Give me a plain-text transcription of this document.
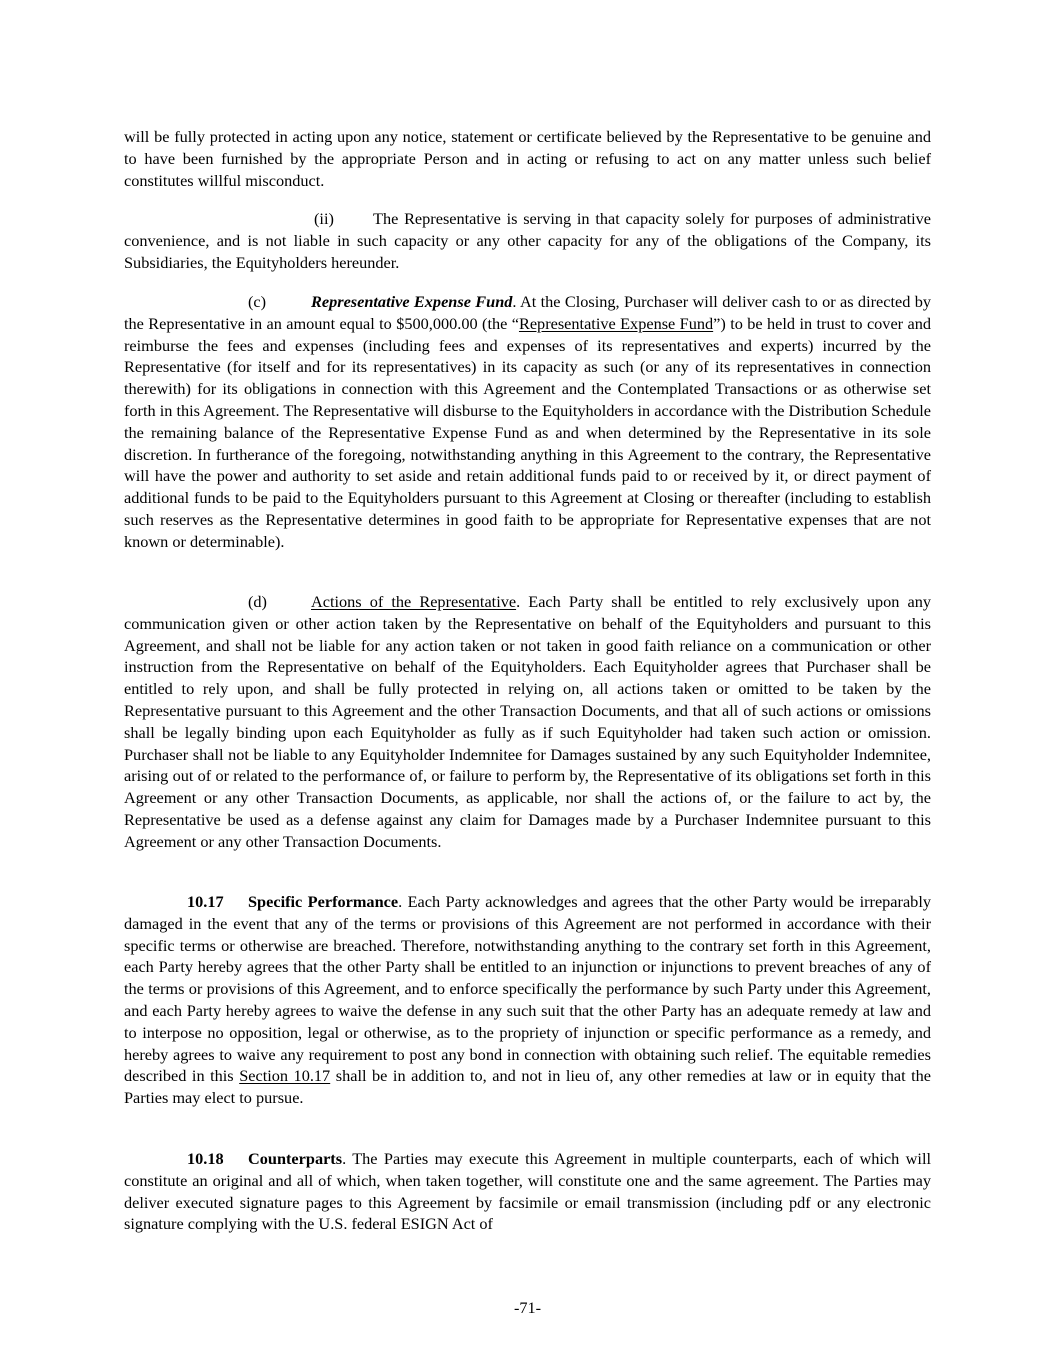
will be fully protected in acting upon any notice, statement or certificate believed by the Representative to be genuine and to have been furnished by the appropriate Person and in acting or refusing to act on any matter unless such belief constitutes willful misconduct.

(ii) The Representative is serving in that capacity solely for purposes of administrative convenience, and is not liable in such capacity or any other capacity for any of the obligations of the Company, its Subsidiaries, the Equityholders hereunder.

(c)	Representative Expense Fund. At the Closing, Purchaser will deliver cash to or as directed by the Representative in an amount equal to $500,000.00 (the “Representative Expense Fund”) to be held in trust to cover and reimburse the fees and expenses (including fees and expenses of its representatives and experts) incurred by the Representative (for itself and for its representatives) in its capacity as such (or any of its representatives in connection therewith) for its obligations in connection with this Agreement and the Contemplated Transactions or as otherwise set forth in this Agreement. The Representative will disburse to the Equityholders in accordance with the Distribution Schedule the remaining balance of the Representative Expense Fund as and when determined by the Representative in its sole discretion. In furtherance of the foregoing, notwithstanding anything in this Agreement to the contrary, the Representative will have the power and authority to set aside and retain additional funds paid to or received by it, or direct payment of additional funds to be paid to the Equityholders pursuant to this Agreement at Closing or thereafter (including to establish such reserves as the Representative determines in good faith to be appropriate for Representative expenses that are not known or determinable).

(d)	Actions of the Representative. Each Party shall be entitled to rely exclusively upon any communication given or other action taken by the Representative on behalf of the Equityholders and pursuant to this Agreement, and shall not be liable for any action taken or not taken in good faith reliance on a communication or other instruction from the Representative on behalf of the Equityholders. Each Equityholder agrees that Purchaser shall be entitled to rely upon, and shall be fully protected in relying on, all actions taken or omitted to be taken by the Representative pursuant to this Agreement and the other Transaction Documents, and that all of such actions or omissions shall be legally binding upon each Equityholder as fully as if such Equityholder had taken such action or omission. Purchaser shall not be liable to any Equityholder Indemnitee for Damages sustained by any such Equityholder Indemnitee, arising out of or related to the performance of, or failure to perform by, the Representative of its obligations set forth in this Agreement or any other Transaction Documents, as applicable, nor shall the actions of, or the failure to act by, the Representative be used as a defense against any claim for Damages made by a Purchaser Indemnitee pursuant to this Agreement or any other Transaction Documents.

10.17 Specific Performance. Each Party acknowledges and agrees that the other Party would be irreparably damaged in the event that any of the terms or provisions of this Agreement are not performed in accordance with their specific terms or otherwise are breached. Therefore, notwithstanding anything to the contrary set forth in this Agreement, each Party hereby agrees that the other Party shall be entitled to an injunction or injunctions to prevent breaches of any of the terms or provisions of this Agreement, and to enforce specifically the performance by such Party under this Agreement, and each Party hereby agrees to waive the defense in any such suit that the other Party has an adequate remedy at law and to interpose no opposition, legal or otherwise, as to the propriety of injunction or specific performance as a remedy, and hereby agrees to waive any requirement to post any bond in connection with obtaining such relief. The equitable remedies described in this Section 10.17 shall be in addition to, and not in lieu of, any other remedies at law or in equity that the Parties may elect to pursue.

10.18 Counterparts. The Parties may execute this Agreement in multiple counterparts, each of which will constitute an original and all of which, when taken together, will constitute one and the same agreement. The Parties may deliver executed signature pages to this Agreement by facsimile or email transmission (including pdf or any electronic signature complying with the U.S. federal ESIGN Act of

-71-
